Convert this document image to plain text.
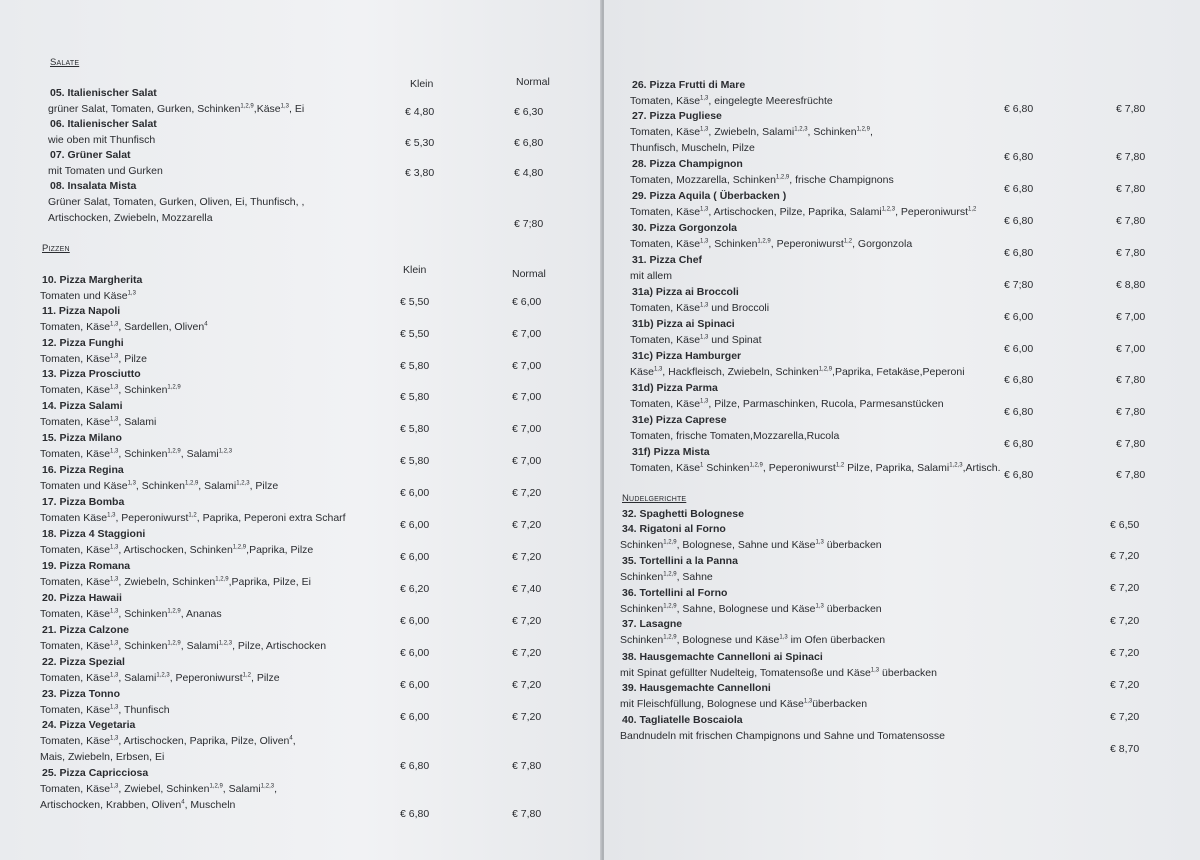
Salate
Klein	Normal
05. Italienischer Salat
grüner Salat, Tomaten, Gurken, Schinken$^{1,2,9}$,Käse$^{1,3}$, Ei	€ 4,80	€ 6,30
06. Italienischer Salat
wie oben mit Thunfisch	€ 5,30	€ 6,80
07. Grüner Salat
mit Tomaten und Gurken	€ 3,80	€ 4,80
08. Insalata Mista
Grüner Salat, Tomaten, Gurken, Oliven, Ei, Thunfisch, ,
Artischocken, Zwiebeln, Mozzarella	€ 7;80
Pizzen
Klein	Normal
10. Pizza Margherita
Tomaten und Käse$^{1,3}$
€ 5,50	€ 6,00
11. Pizza Napoli
Tomaten, Käse$^{1,3}$, Sardellen, Oliven$^4$
€ 5,50	€ 7,00
12. Pizza Funghi
Tomaten, Käse$^{1,3}$, Pilze
€ 5,80	€ 7,00
13. Pizza Prosciutto
Tomaten, Käse$^{1,3}$, Schinken$^{1,2,9}$
€ 5,80	€ 7,00
14. Pizza Salami
Tomaten, Käse$^{1,3}$, Salami
€ 5,80	€ 7,00
15. Pizza Milano
Tomaten, Käse$^{1,3}$, Schinken$^{1,2,9}$, Salami$^{1,2,3}$
€ 5,80	€ 7,00
16. Pizza Regina
Tomaten und Käse$^{1,3}$, Schinken$^{1,2,9}$, Salami$^{1,2,3}$, Pilze
€ 6,00	€ 7,20
17. Pizza Bomba
Tomaten Käse$^{1,3}$, Peperoniwurst$^{1,2}$, Paprika, Peperoni extra Scharf
€ 6,00	€ 7,20
18. Pizza 4 Staggioni
Tomaten, Käse$^{1,3}$, Artischocken, Schinken$^{1,2,9}$,Paprika, Pilze
€ 6,00	€ 7,20
19. Pizza Romana
Tomaten, Käse$^{1,3}$, Zwiebeln, Schinken$^{1,2,9}$,Paprika, Pilze, Ei
€ 6,20	€ 7,40
20. Pizza Hawaii
Tomaten, Käse$^{1,3}$, Schinken$^{1,2,9}$, Ananas
€ 6,00	€ 7,20
21. Pizza Calzone
Tomaten, Käse$^{1,3}$, Schinken$^{1,2,9}$, Salami$^{1,2,3}$, Pilze, Artischocken
€ 6,00	€ 7,20
22. Pizza Spezial
Tomaten, Käse$^{1,3}$, Salami$^{1,2,3}$, Peperoniwurst$^{1,2}$, Pilze
€ 6,00	€ 7,20
23. Pizza Tonno
Tomaten, Käse$^{1,3}$, Thunfisch
€ 6,00	€ 7,20
24. Pizza Vegetaria
Tomaten, Käse$^{1,3}$, Artischocken, Paprika, Pilze, Oliven$^4$,
Mais, Zwiebeln, Erbsen, Ei
€ 6,80	€ 7,80
25. Pizza Capricciosa
Tomaten, Käse$^{1,3}$, Zwiebel, Schinken$^{1,2,9}$, Salami$^{1,2,3}$,
Artischocken, Krabben, Oliven$^4$, Muscheln
€ 6,80	€ 7,80
26. Pizza Frutti di Mare
Tomaten, Käse$^{1,3}$, eingelegte Meeresfrüchte
€ 6,80	€ 7,80
27. Pizza Pugliese
Tomaten, Käse$^{1,3}$, Zwiebeln, Salami$^{1,2,3}$, Schinken$^{1,2,9}$,
Thunfisch, Muscheln, Pilze
€ 6,80	€ 7,80
28. Pizza Champignon
Tomaten, Mozzarella, Schinken$^{1,2,9}$, frische Champignons
€ 6,80	€ 7,80
29. Pizza Aquila ( Überbacken )
Tomaten, Käse$^{1,3}$, Artischocken, Pilze, Paprika, Salami$^{1,2,3}$, Peperoniwurst$^{1,2}$
€ 6,80	€ 7,80
30. Pizza Gorgonzola
Tomaten, Käse$^{1,3}$, Schinken$^{1,2,9}$, Peperoniwurst$^{1,2}$, Gorgonzola
€ 6,80	€ 7,80
31. Pizza Chef
mit allem
€ 7;80	€ 8,80
31a) Pizza ai Broccoli
Tomaten, Käse$^{1,3}$ und Broccoli
€ 6,00	€ 7,00
31b) Pizza ai Spinaci
Tomaten, Käse$^{1,3}$ und Spinat
€ 6,00	€ 7,00
31c) Pizza Hamburger
Käse$^{1,3}$, Hackfleisch, Zwiebeln, Schinken$^{1,2,9}$,Paprika, Fetakäse,Peperoni
€ 6,80	€ 7,80
31d) Pizza Parma
Tomaten, Käse$^{1,3}$, Pilze, Parmaschinken, Rucola, Parmesanstücken
€ 6,80	€ 7,80
31e) Pizza Caprese
Tomaten, frische Tomaten,Mozzarella,Rucola
€ 6,80	€ 7,80
31f) Pizza Mista
Tomaten, Käse$^1$ Schinken$^{1,2,9}$, Peperoniwurst$^{1,2}$ Pilze, Paprika, Salami$^{1,2,3}$,Artisch.
€ 6,80	€ 7,80
Nudelgerichte
32. Spaghetti Bolognese
€ 6,50
34. Rigatoni al Forno
Schinken$^{1,2,9}$, Bolognese, Sahne und Käse$^{1,3}$ überbacken
€ 7,20
35. Tortellini a la Panna
Schinken$^{1,2,9}$, Sahne
€ 7,20
36. Tortellini al Forno
Schinken$^{1,2,9}$, Sahne, Bolognese und Käse$^{1,3}$ überbacken
€ 7,20
37. Lasagne
Schinken$^{1,2,9}$, Bolognese und Käse$^{1,3}$ im Ofen überbacken
€ 7,20
38. Hausgemachte Cannelloni ai Spinaci
mit Spinat gefüllter Nudelteig, Tomatensoße und Käse$^{1,3}$ überbacken
€ 7,20
39. Hausgemachte Cannelloni
mit Fleischfüllung, Bolognese und Käse$^{1,3}$überbacken
€ 7,20
40. Tagliatelle Boscaiola
Bandnudeln mit frischen Champignons und Sahne und Tomatensosse
€ 8,70
